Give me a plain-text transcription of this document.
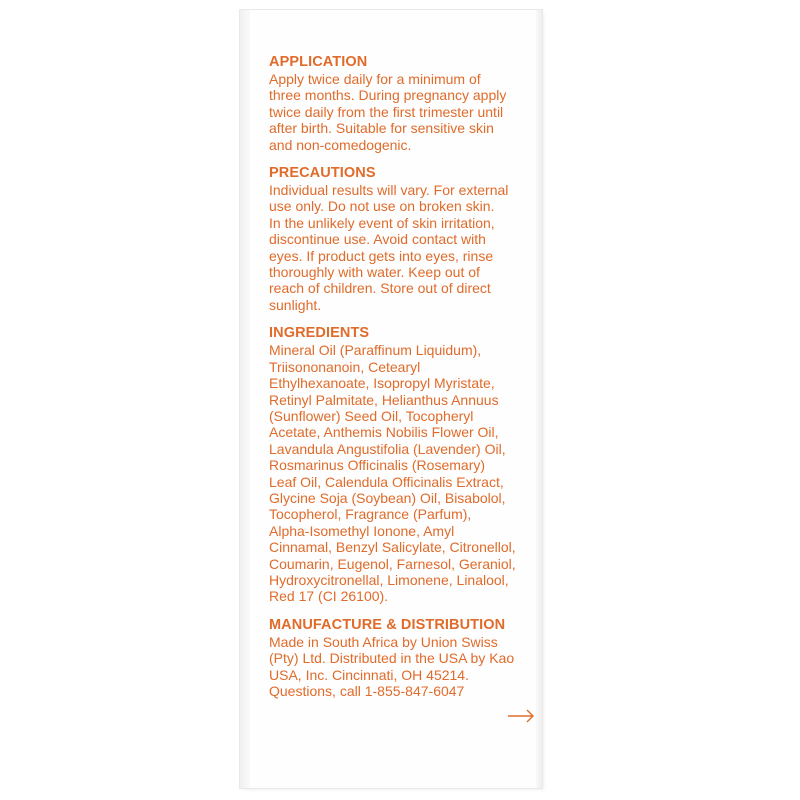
APPLICATION

Apply twice daily for a minimum of
three months. During pregnancy apply
twice daily from the first trimester until
after birth. Suitable for sensitive skin
and non-comedogenic.

PRECAUTIONS

Individual results will vary. For external
use only. Do not use on broken skin.
In the unlikely event of skin irritation,
discontinue use. Avoid contact with
eyes. If product gets into eyes, rinse
thoroughly with water. Keep out of
reach of children. Store out of direct
sunlight.

INGREDIENTS

Mineral Oil (Paraffinum Liquidum),
Triisononanoin, Cetearyl
Ethylhexanoate, Isopropyl Myristate,
Retinyl Palmitate, Helianthus Annuus
(Sunflower) Seed Oil, Tocopheryl
Acetate, Anthemis Nobilis Flower Oil,
Lavandula Angustifolia (Lavender) Oil,
Rosmarinus Officinalis (Rosemary)
Leaf Oil, Calendula Officinalis Extract,
Glycine Soja (Soybean) Oil, Bisabolol,
Tocopherol, Fragrance (Parfum),
Alpha-Isomethyl Ionone, Amyl
Cinnamal, Benzyl Salicylate, Citronellol,
Coumarin, Eugenol, Farnesol, Geraniol,
Hydroxycitronellal, Limonene, Linalool,
Red 17 (CI 26100).

MANUFACTURE & DISTRIBUTION

Made in South Africa by Union Swiss
(Pty) Ltd. Distributed in the USA by Kao
USA, Inc. Cincinnati, OH 45214.
Questions, call 1-855-847-6047
